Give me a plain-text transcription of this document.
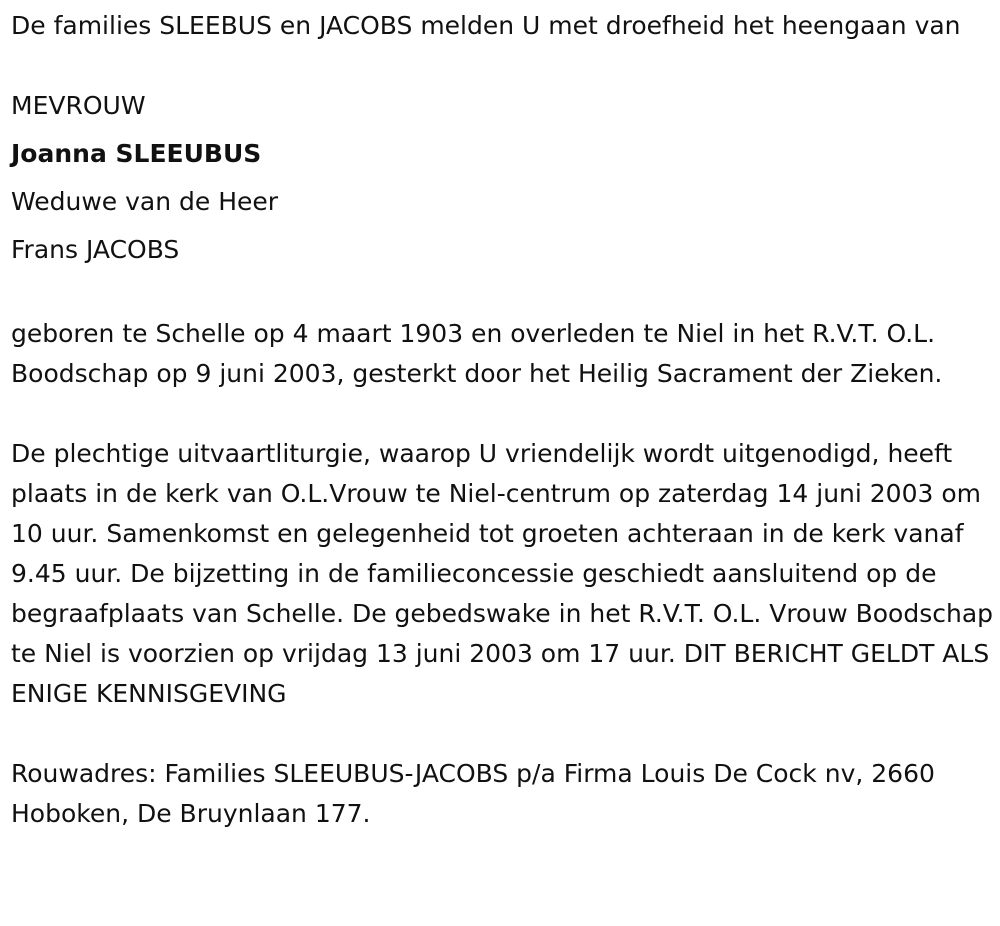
De families SLEEBUS en JACOBS melden U met droefheid het heengaan van

MEVROUW
Joanna SLEEUBUS
Weduwe van de Heer
Frans JACOBS

geboren te Schelle op 4 maart 1903 en overleden te Niel in het R.V.T. O.L. Boodschap op 9 juni 2003, gesterkt door het Heilig Sacrament der Zieken.

De plechtige uitvaartliturgie, waarop U vriendelijk wordt uitgenodigd, heeft plaats in de kerk van O.L.Vrouw te Niel-centrum op zaterdag 14 juni 2003 om 10 uur. Samenkomst en gelegenheid tot groeten achteraan in de kerk vanaf 9.45 uur. De bijzetting in de familieconcessie geschiedt aansluitend op de begraafplaats van Schelle. De gebedswake in het R.V.T. O.L. Vrouw Boodschap te Niel is voorzien op vrijdag 13 juni 2003 om 17 uur. DIT BERICHT GELDT ALS ENIGE KENNISGEVING

Rouwadres: Families SLEEUBUS-JACOBS p/a Firma Louis De Cock nv, 2660 Hoboken, De Bruynlaan 177.
